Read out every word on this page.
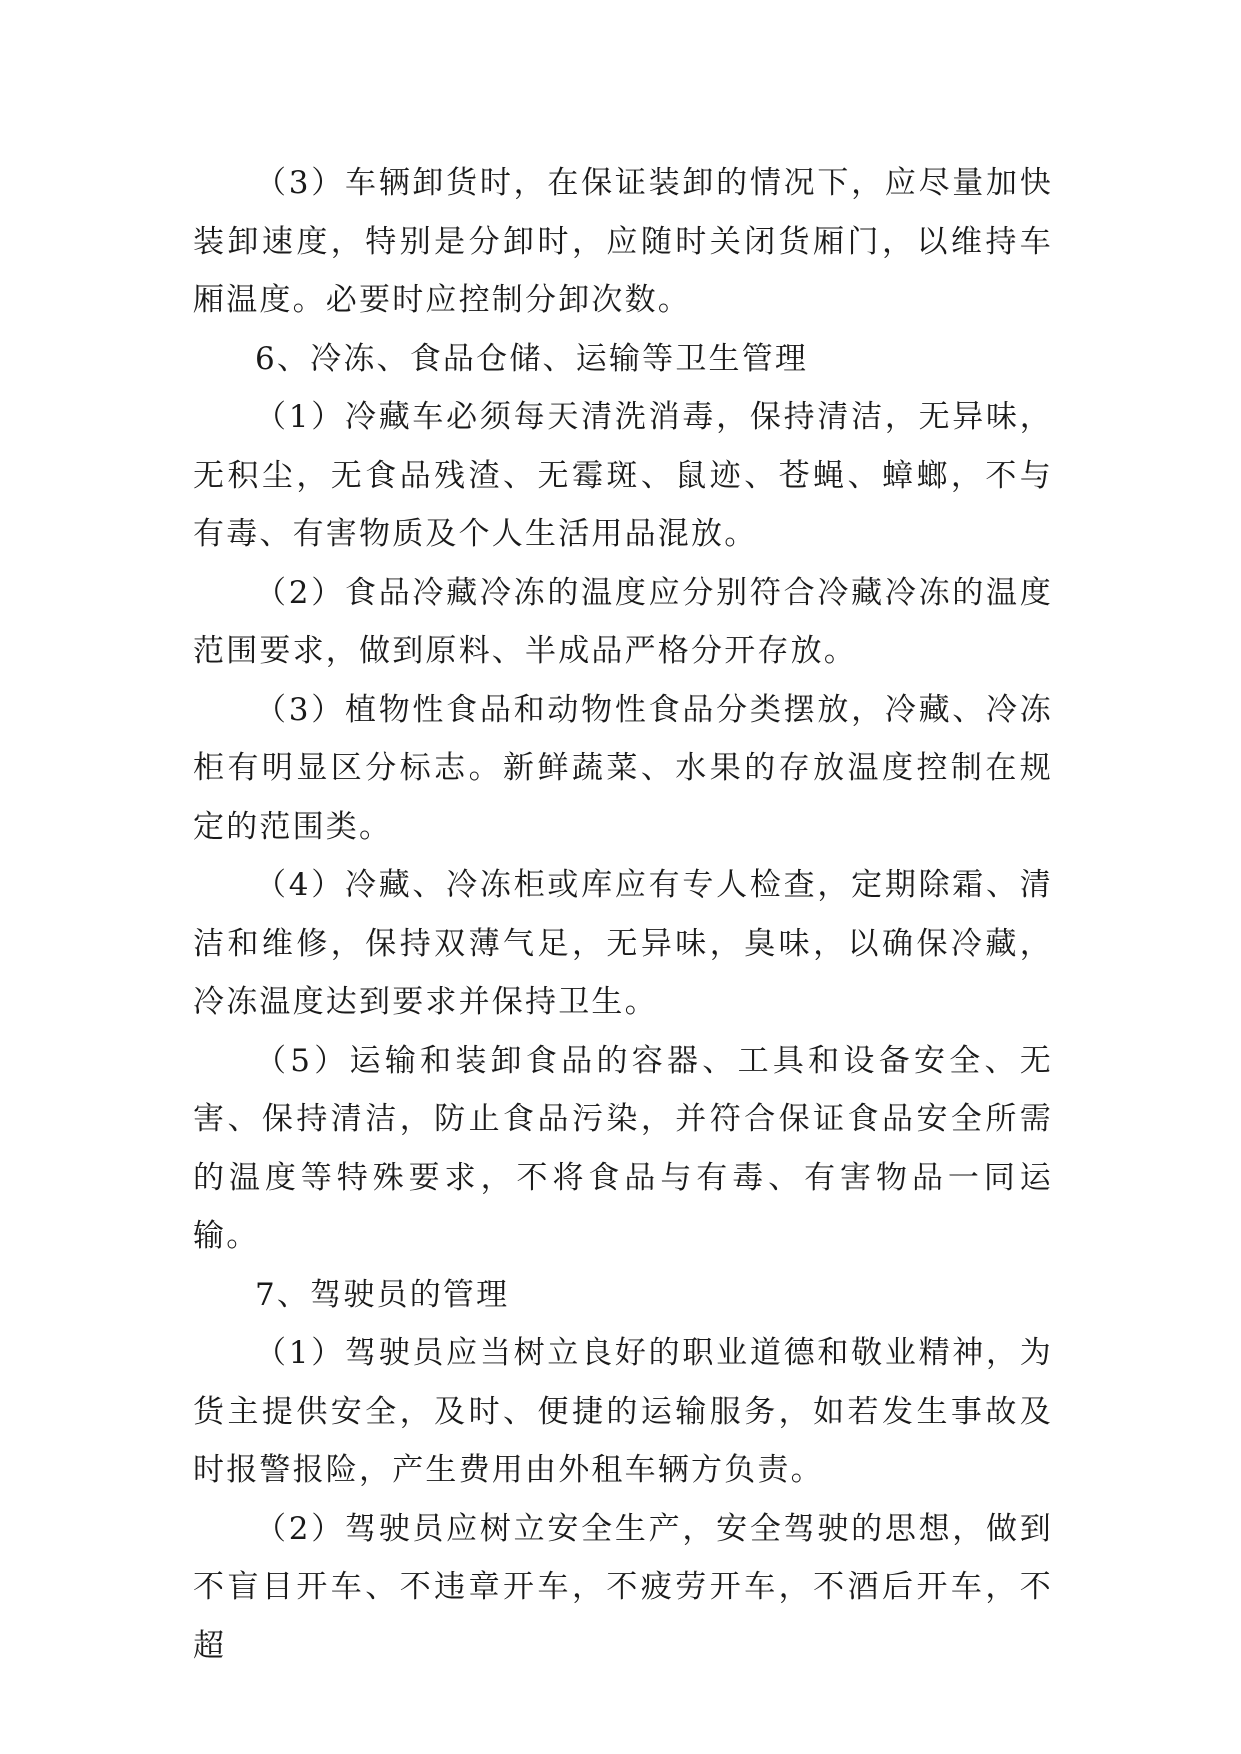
（3）车辆卸货时，在保证装卸的情况下，应尽量加快装卸速度，特别是分卸时，应随时关闭货厢门，以维持车厢温度。必要时应控制分卸次数。

6、冷冻、食品仓储、运输等卫生管理

（1）冷藏车必须每天清洗消毒，保持清洁，无异味，无积尘，无食品残渣、无霉斑、鼠迹、苍蝇、蟑螂，不与有毒、有害物质及个人生活用品混放。

（2）食品冷藏冷冻的温度应分别符合冷藏冷冻的温度范围要求，做到原料、半成品严格分开存放。

（3）植物性食品和动物性食品分类摆放，冷藏、冷冻柜有明显区分标志。新鲜蔬菜、水果的存放温度控制在规定的范围类。

（4）冷藏、冷冻柜或库应有专人检查，定期除霜、清洁和维修，保持双薄气足，无异味，臭味，以确保冷藏，冷冻温度达到要求并保持卫生。

（5）运输和装卸食品的容器、工具和设备安全、无害、保持清洁，防止食品污染，并符合保证食品安全所需的温度等特殊要求，不将食品与有毒、有害物品一同运输。

7、驾驶员的管理

（1）驾驶员应当树立良好的职业道德和敬业精神，为货主提供安全，及时、便捷的运输服务，如若发生事故及时报警报险，产生费用由外租车辆方负责。

（2）驾驶员应树立安全生产，安全驾驶的思想，做到不盲目开车、不违章开车，不疲劳开车，不酒后开车，不超
